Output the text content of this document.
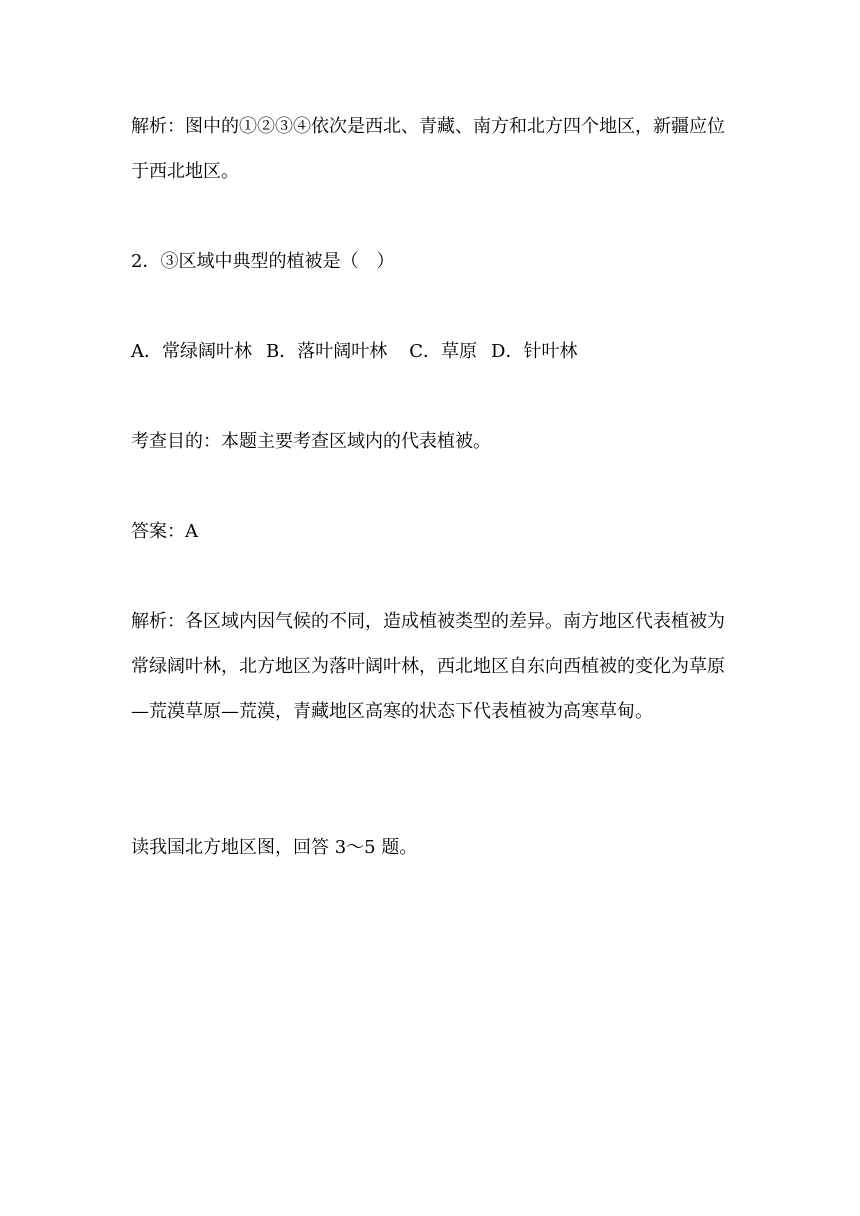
解析：图中的①②③④依次是西北、青藏、南方和北方四个地区，新疆应位于西北地区。

2．③区域中典型的植被是（　）

A．常绿阔叶林 B．落叶阔叶林 C．草原 D．针叶林

考查目的：本题主要考查区域内的代表植被。

答案：A

解析：各区域内因气候的不同，造成植被类型的差异。南方地区代表植被为常绿阔叶林，北方地区为落叶阔叶林，西北地区自东向西植被的变化为草原—荒漠草原—荒漠，青藏地区高寒的状态下代表植被为高寒草甸。

读我国北方地区图，回答 3～5 题。
